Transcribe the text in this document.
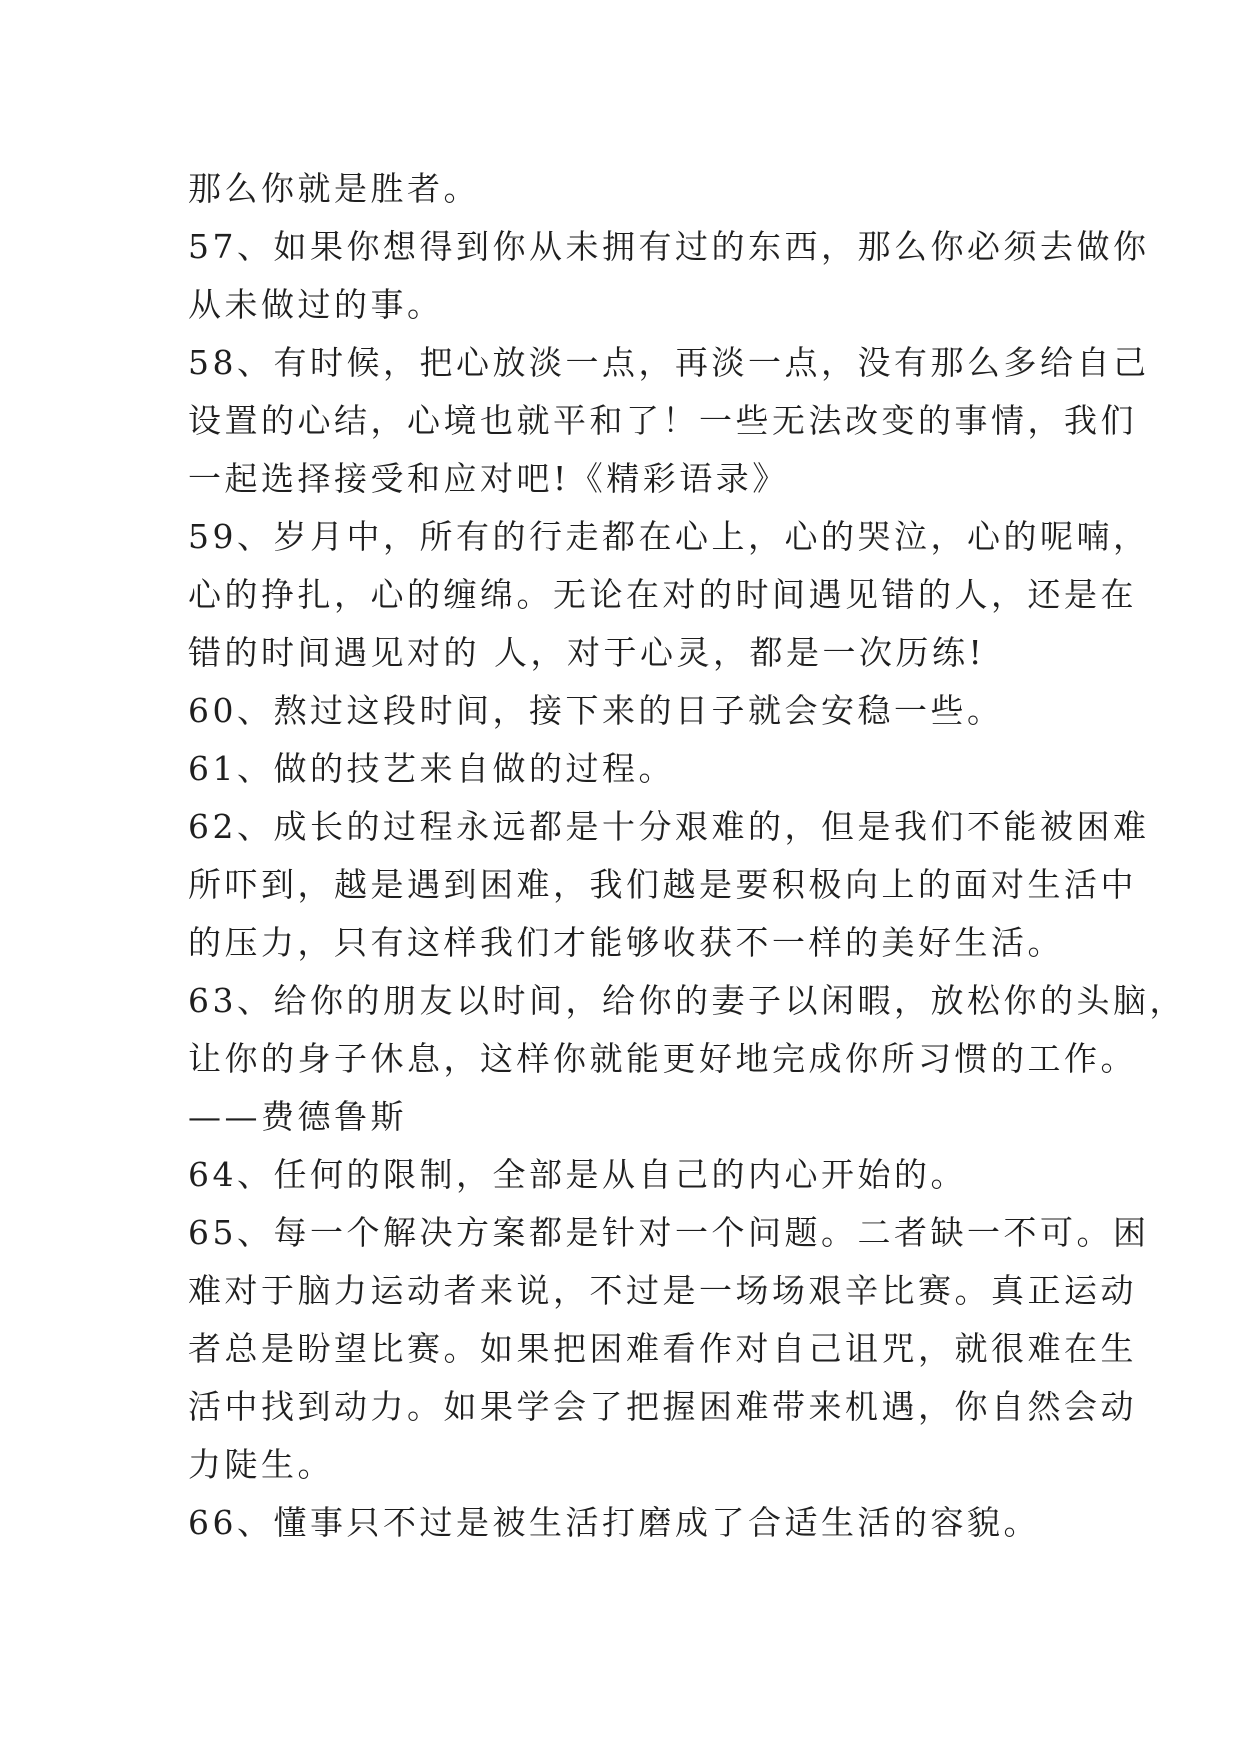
那么你就是胜者。
57、如果你想得到你从未拥有过的东西，那么你必须去做你
从未做过的事。
58、有时候，把心放淡一点，再淡一点，没有那么多给自己
设置的心结，心境也就平和了！一些无法改变的事情，我们
一起选择接受和应对吧!《精彩语录》
59、岁月中，所有的行走都在心上，心的哭泣，心的呢喃，
心的挣扎，心的缠绵。无论在对的时间遇见错的人，还是在
错的时间遇见对的 人，对于心灵，都是一次历练!
60、熬过这段时间，接下来的日子就会安稳一些。
61、做的技艺来自做的过程。
62、成长的过程永远都是十分艰难的，但是我们不能被困难
所吓到，越是遇到困难，我们越是要积极向上的面对生活中
的压力，只有这样我们才能够收获不一样的美好生活。
63、给你的朋友以时间，给你的妻子以闲暇，放松你的头脑，
让你的身子休息，这样你就能更好地完成你所习惯的工作。
——费德鲁斯
64、任何的限制，全部是从自己的内心开始的。
65、每一个解决方案都是针对一个问题。二者缺一不可。困
难对于脑力运动者来说，不过是一场场艰辛比赛。真正运动
者总是盼望比赛。如果把困难看作对自己诅咒，就很难在生
活中找到动力。如果学会了把握困难带来机遇，你自然会动
力陡生。
66、懂事只不过是被生活打磨成了合适生活的容貌。
